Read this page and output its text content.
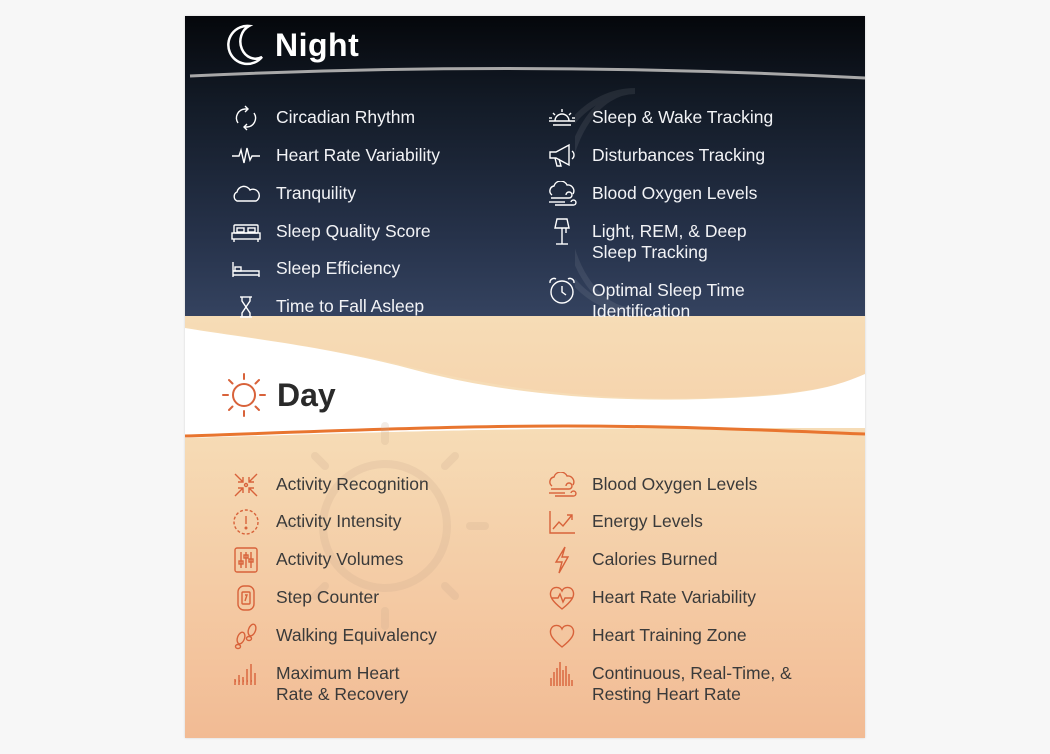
Night
Circadian Rhythm
Heart Rate Variability
Tranquility
Sleep Quality Score
Sleep Efficiency
Time to Fall Asleep
Sleep & Wake Tracking
Disturbances Tracking
Blood Oxygen Levels
Light, REM, & Deep
Sleep Tracking
Optimal Sleep Time
Identification
Day
Activity Recognition
Activity Intensity
Activity Volumes
Step Counter
Walking Equivalency
Maximum Heart
Rate & Recovery
Blood Oxygen Levels
Energy Levels
Calories Burned
Heart Rate Variability
Heart Training Zone
Continuous, Real-Time, &
Resting Heart Rate
